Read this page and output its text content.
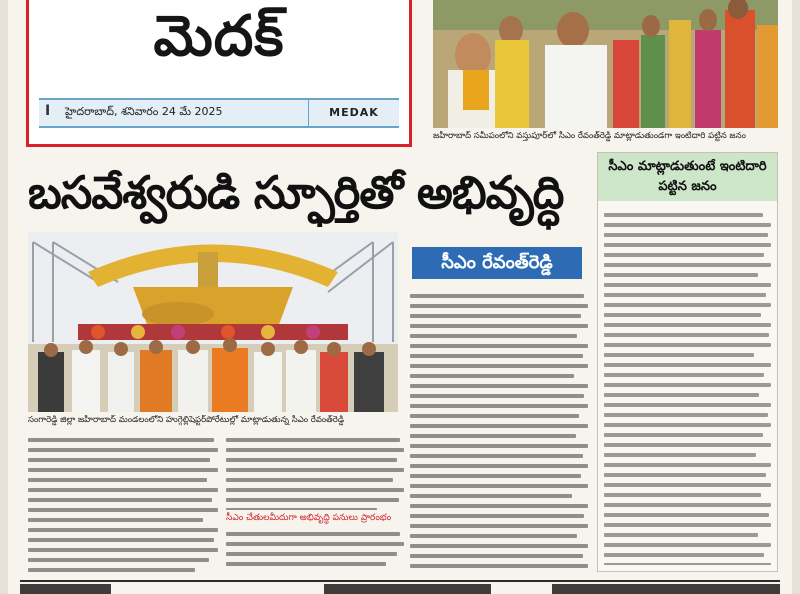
మెదక్
I హైదరాబాద్, శనివారం 24 మే 2025	MEDAK
జహీరాబాద్ సమీపంలోని వస్తుపూర్‌లో సీఎం రేవంత్‌రెడ్డి మాట్లాడుతుండగా ఇంటిదారి పట్టిన జనం
బసవేశ్వరుడి స్ఫూర్తితో అభివృద్ధి	సీఎం మాట్లాడుతుంటే ఇంటిదారి పట్టిన జనం
సంగారెడ్డి జిల్లా జహీరాబాద్ మండలంలోని హుగ్గెల్లిషెప్టర్‌పోరేటుల్లో మాట్లాడుతున్న సీఎం రేవంత్‌రెడ్డి
సీఎం రేవంత్‌రెడ్డి
సీఎం చేతులమీదుగా అభివృద్ధి పనులు ప్రారంభం
